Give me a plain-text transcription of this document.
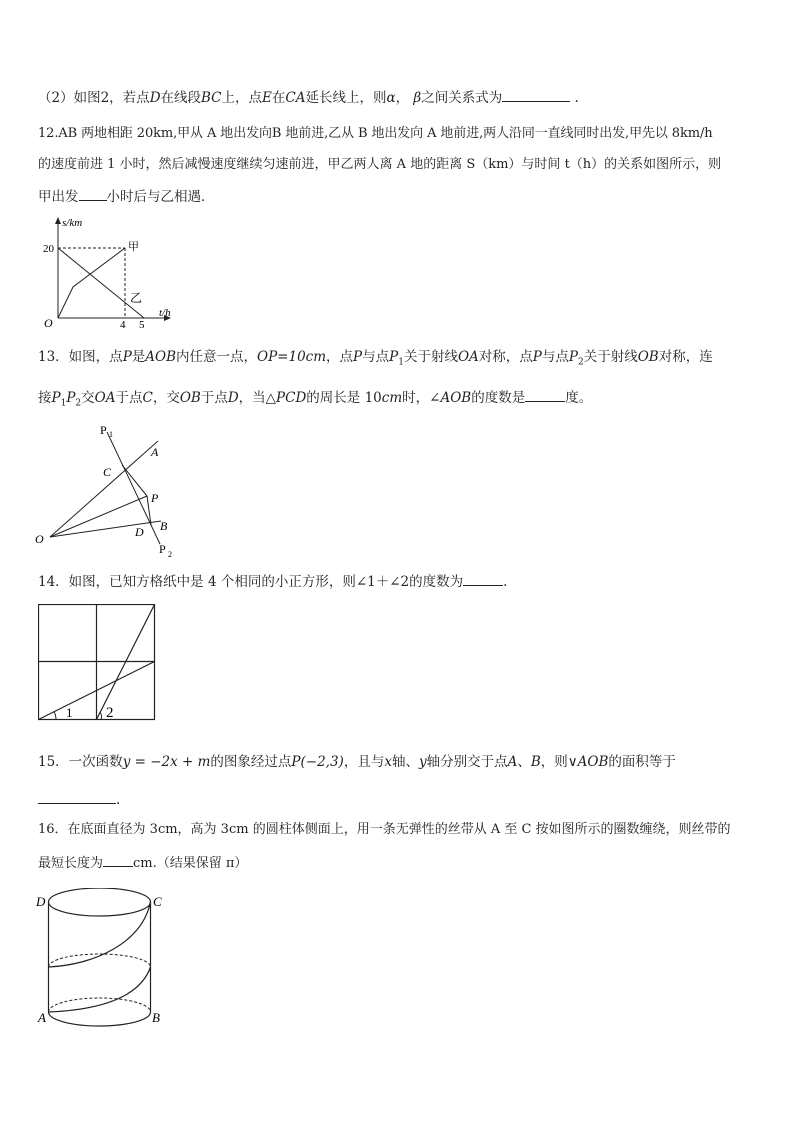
（2）如图2，若点D在线段BC上，点E在CA延长线上，则α， β之间关系式为	.
12.AB 两地相距 20km,甲从 A 地出发向B 地前进,乙从 B 地出发向 A 地前进,两人沿同一直线同时出发,甲先以 8km/h
的速度前进 1 小时，然后减慢速度继续匀速前进，甲乙两人离 A 地的距离 S（km）与时间 t（h）的关系如图所示，则
甲出发 小时后与乙相遇．
s/km
t/h
20
4 5
O
甲
乙
13．如图，点P是AOB内任意一点，OP=10cm，点P与点$P_1$关于射线OA对称，点P与点$P_2$关于射线OB对称，连
接$P_1P_2$交OA于点C，交OB于点D，当△PCD的周长是 10cm时，∠AOB的度数是	度。
P 1
A
C
P
B
O	D
P 2
14．如图，已知方格纸中是 4 个相同的小正方形，则∠1＋∠2的度数为	.
1 2
15．一次函数y = −2x + m的图象经过点P(−2,3)，且与x轴、y轴分别交于点A、B，则∨AOB的面积等于
.
16．在底面直径为 3cm，高为 3cm 的圆柱体侧面上，用一条无弹性的丝带从 A 至 C 按如图所示的圈数缠绕，则丝带的
最短长度为 cm.（结果保留 π）
D	C
A	B
